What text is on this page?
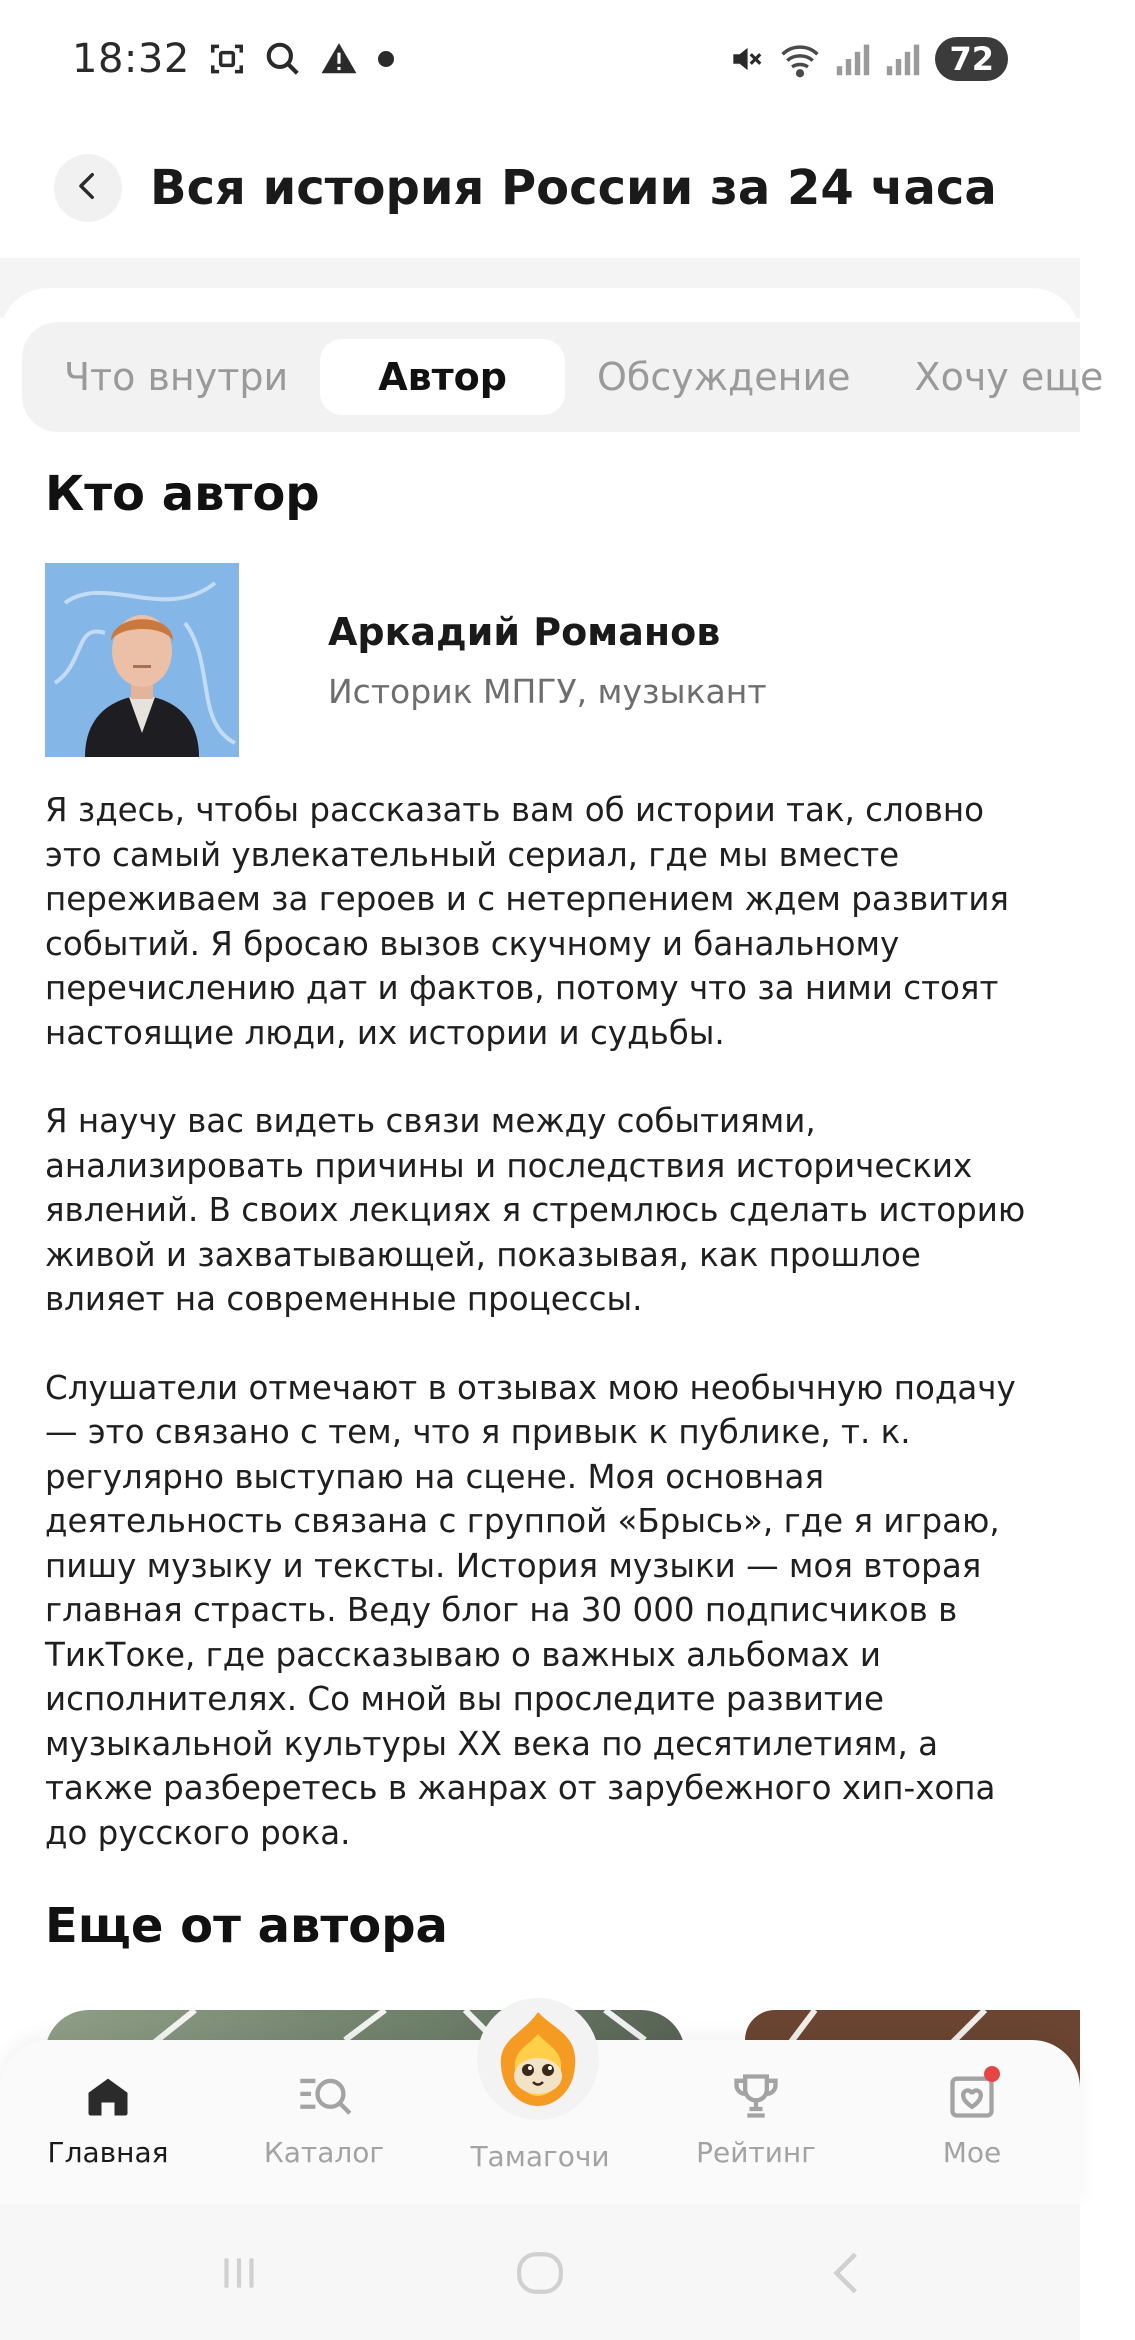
18:32	72
Вся история России за 24 часа
Что внутри	Автор	Обсуждение	Хочу еще
Кто автор
Аркадий Романов
Историк МПГУ, музыкант

Я здесь, чтобы рассказать вам об истории так, словно это самый увлекательный сериал, где мы вместе переживаем за героев и с нетерпением ждем развития событий. Я бросаю вызов скучному и банальному перечислению дат и фактов, потому что за ними стоят настоящие люди, их истории и судьбы.

Я научу вас видеть связи между событиями, анализировать причины и последствия исторических явлений. В своих лекциях я стремлюсь сделать историю живой и захватывающей, показывая, как прошлое влияет на современные процессы.

Слушатели отмечают в отзывах мою необычную подачу — это связано с тем, что я привык к публике, т. к. регулярно выступаю на сцене. Моя основная деятельность связана с группой «Брысь», где я играю, пишу музыку и тексты. История музыки — моя вторая главная страсть. Веду блог на 30 000 подписчиков в ТикТоке, где рассказываю о важных альбомах и исполнителях. Со мной вы проследите развитие музыкальной культуры XX века по десятилетиям, а также разберетесь в жанрах от зарубежного хип-хопа до русского рока.

Еще от автора
Главная	Каталог	Тамагочи	Рейтинг	Мое
